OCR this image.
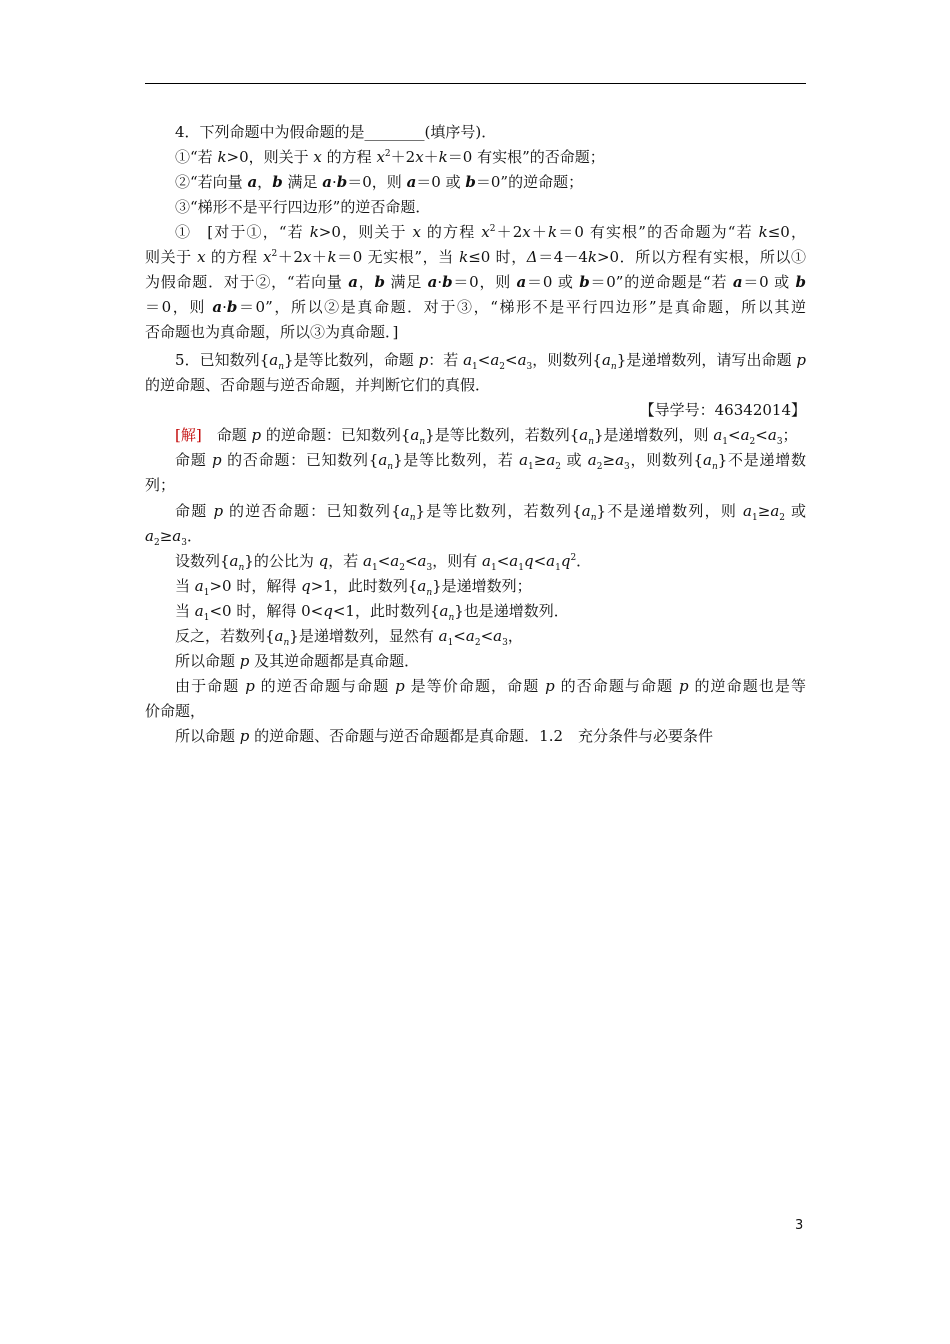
4．下列命题中为假命题的是________(填序号)．
①“若 k>0，则关于 x 的方程 $x^2+2x+k=0$ 有实根”的否命题；
②“若向量 a，b 满足 a·b＝0，则 a＝0 或 b＝0”的逆命题；
③“梯形不是平行四边形”的逆否命题．
①　[对于①，“若 k>0，则关于 x 的方程 $x^2+2x+k=0$ 有实根”的否命题为“若 k≤0，
则关于 x 的方程 $x^2+2x+k=0$ 无实根”，当 k≤0 时，Δ＝4－4k>0．所以方程有实根，所以①
为假命题．对于②，“若向量 a，b 满足 a·b＝0，则 a＝0 或 b＝0”的逆命题是“若 a＝0 或 b
＝0，则 a·b＝0”，所以②是真命题．对于③，“梯形不是平行四边形”是真命题，所以其逆
否命题也为真命题，所以③为真命题．]
5．已知数列$\{a_n\}$是等比数列，命题 p：若 $a_1<a_2<a_3$，则数列$\{a_n\}$是递增数列，请写出命题 p
的逆命题、否命题与逆否命题，并判断它们的真假．
【导学号：46342014】
[解]　命题 p 的逆命题：已知数列$\{a_n\}$是等比数列，若数列$\{a_n\}$是递增数列，则 $a_1<a_2<a_3$；
命题 p 的否命题：已知数列$\{a_n\}$是等比数列，若 $a_1\ge a_2$ 或 $a_2\ge a_3$，则数列$\{a_n\}$不是递增数
列；
命题 p 的逆否命题：已知数列$\{a_n\}$是等比数列，若数列$\{a_n\}$不是递增数列，则 $a_1\ge a_2$ 或
$a_2\ge a_3$．
设数列$\{a_n\}$的公比为 q，若 $a_1<a_2<a_3$，则有 $a_1<a_1q<a_1q^2$．
当 $a_1>0$ 时，解得 q>1，此时数列$\{a_n\}$是递增数列；
当 $a_1<0$ 时，解得 0<q<1，此时数列$\{a_n\}$也是递增数列．
反之，若数列$\{a_n\}$是递增数列，显然有 $a_1<a_2<a_3$，
所以命题 p 及其逆命题都是真命题．
由于命题 p 的逆否命题与命题 p 是等价命题，命题 p 的否命题与命题 p 的逆命题也是等
价命题，
所以命题 p 的逆命题、否命题与逆否命题都是真命题．1.2　充分条件与必要条件
3
